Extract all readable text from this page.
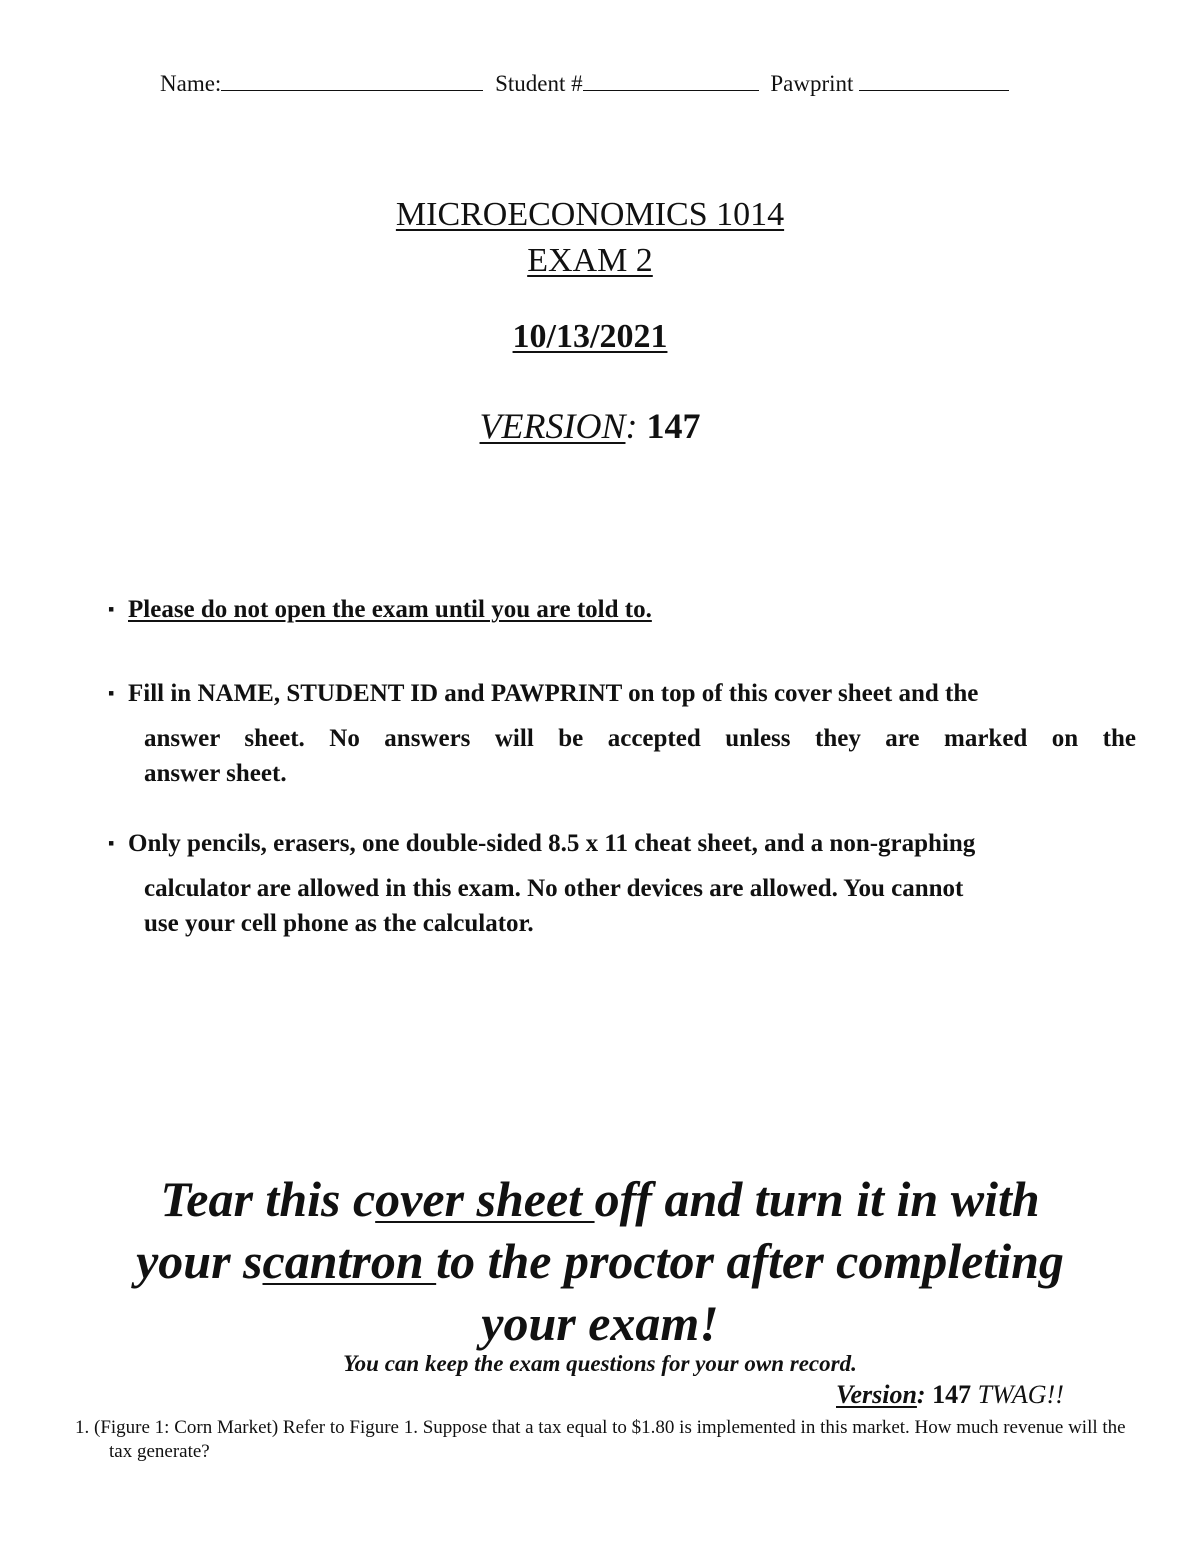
Name:	Student #	Pawprint
MICROECONOMICS 1014
EXAM 2
10/13/2021
VERSION: 147
▪ Please do not open the exam until you are told to.
▪ Fill in NAME, STUDENT ID and PAWPRINT on top of this cover sheet and the
answer sheet. No answers will be accepted unless they are marked on the
answer sheet.
▪ Only pencils, erasers, one double-sided 8.5 x 11 cheat sheet, and a non-graphing
calculator are allowed in this exam. No other devices are allowed. You cannot
use your cell phone as the calculator.
Tear this cover sheet off and turn it in with
your scantron to the proctor after completing
your exam!
You can keep the exam questions for your own record.
Version: 147 TWAG!!
1. (Figure 1: Corn Market) Refer to Figure 1. Suppose that a tax equal to $1.80 is implemented in this market. How much revenue will the tax generate?
